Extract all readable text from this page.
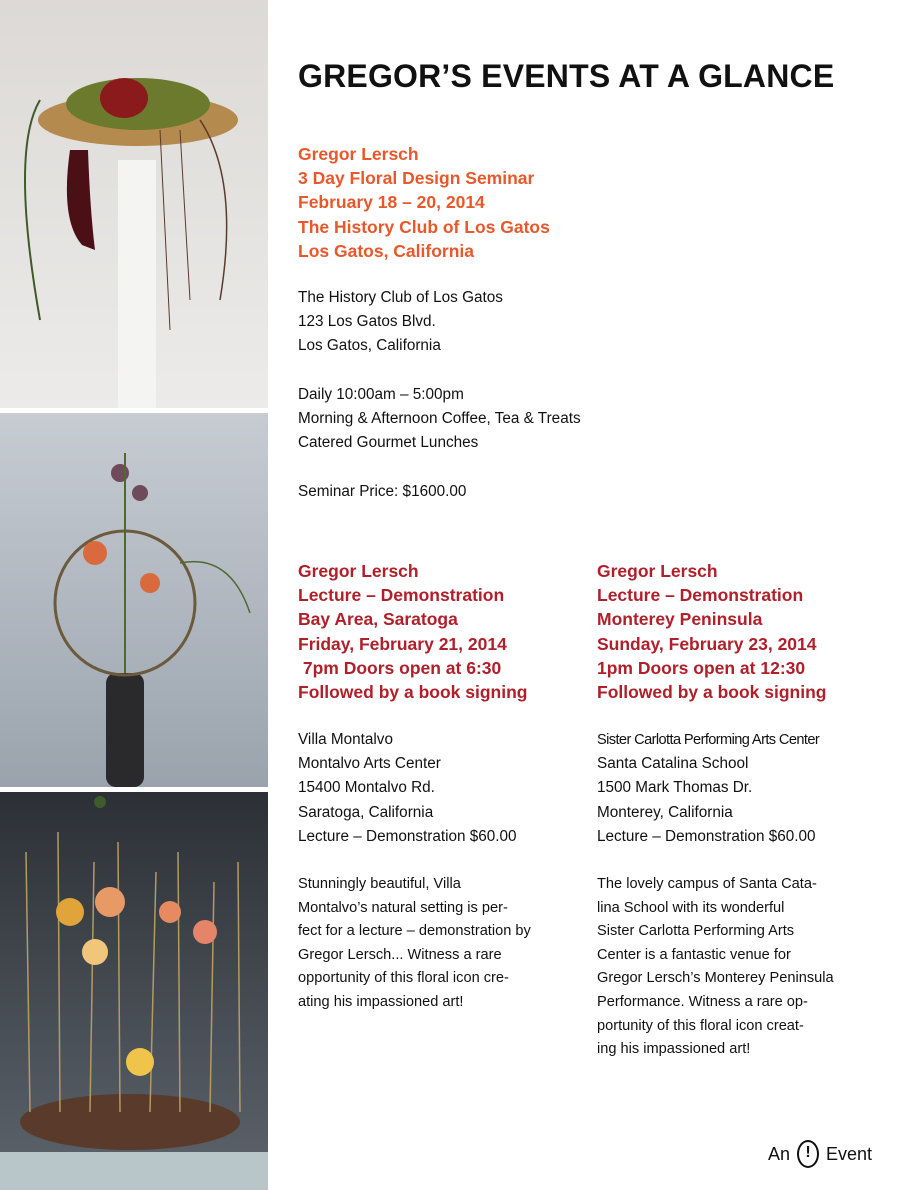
GREGOR’S EVENTS AT A GLANCE
Gregor Lersch
3 Day Floral Design Seminar
February 18 – 20, 2014
The History Club of Los Gatos
Los Gatos, California
The History Club of Los Gatos
123 Los Gatos Blvd.
Los Gatos, California
Daily 10:00am – 5:00pm
Morning & Afternoon Coffee, Tea & Treats
Catered Gourmet Lunches
Seminar Price: $1600.00
Gregor Lersch
Lecture – Demonstration
Bay Area, Saratoga
Friday, February 21, 2014
7pm Doors open at 6:30
Followed by a book signing
Villa Montalvo
Montalvo Arts Center
15400 Montalvo Rd.
Saratoga, California
Lecture – Demonstration $60.00
Stunningly beautiful, Villa
Montalvo’s natural setting is per-
fect for a lecture – demonstration by
Gregor Lersch... Witness a rare
opportunity of this floral icon cre-
ating his impassioned art!
Gregor Lersch
Lecture – Demonstration
Monterey Peninsula
Sunday, February 23, 2014
1pm Doors open at 12:30
Followed by a book signing
Sister Carlotta Performing Arts Center
Santa Catalina School
1500 Mark Thomas Dr.
Monterey, California
Lecture – Demonstration $60.00
The lovely campus of Santa Cata-
lina School with its wonderful
Sister Carlotta Performing Arts
Center is a fantastic venue for
Gregor Lersch’s Monterey Peninsula
Performance. Witness a rare op-
portunity of this floral icon creat-
ing his impassioned art!
An
! Event
